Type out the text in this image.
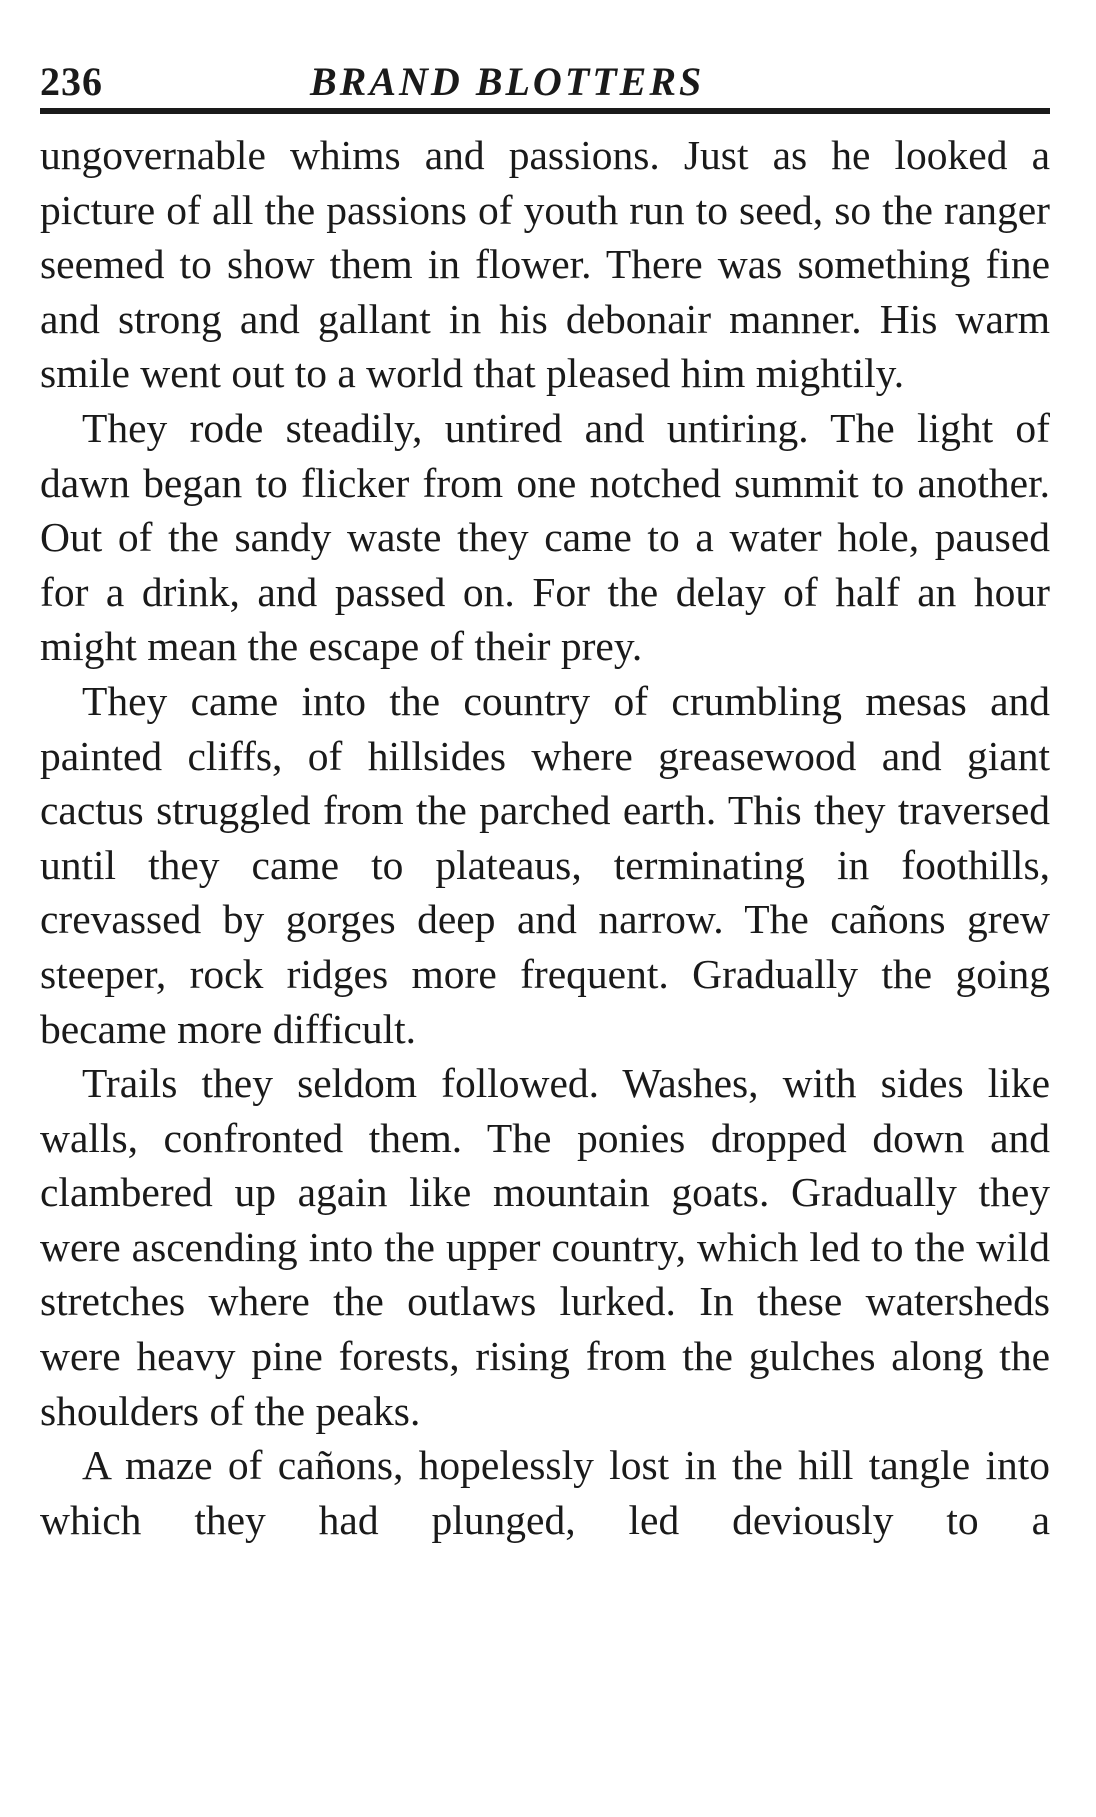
236	BRAND BLOTTERS

ungovernable whims and passions. Just as he looked a picture of all the passions of youth run to seed, so the ranger seemed to show them in flower. There was something fine and strong and gallant in his debonair manner. His warm smile went out to a world that pleased him mightily.

They rode steadily, untired and untiring. The light of dawn began to flicker from one notched summit to another. Out of the sandy waste they came to a water hole, paused for a drink, and passed on. For the delay of half an hour might mean the escape of their prey.

They came into the country of crumbling mesas and painted cliffs, of hillsides where greasewood and giant cactus struggled from the parched earth. This they traversed until they came to plateaus, terminating in foothills, crevassed by gorges deep and narrow. The cañons grew steeper, rock ridges more frequent. Gradually the going became more difficult.

Trails they seldom followed. Washes, with sides like walls, confronted them. The ponies dropped down and clambered up again like mountain goats. Gradually they were ascending into the upper country, which led to the wild stretches where the outlaws lurked. In these watersheds were heavy pine forests, rising from the gulches along the shoulders of the peaks.

A maze of cañons, hopelessly lost in the hill tangle into which they had plunged, led deviously to a
